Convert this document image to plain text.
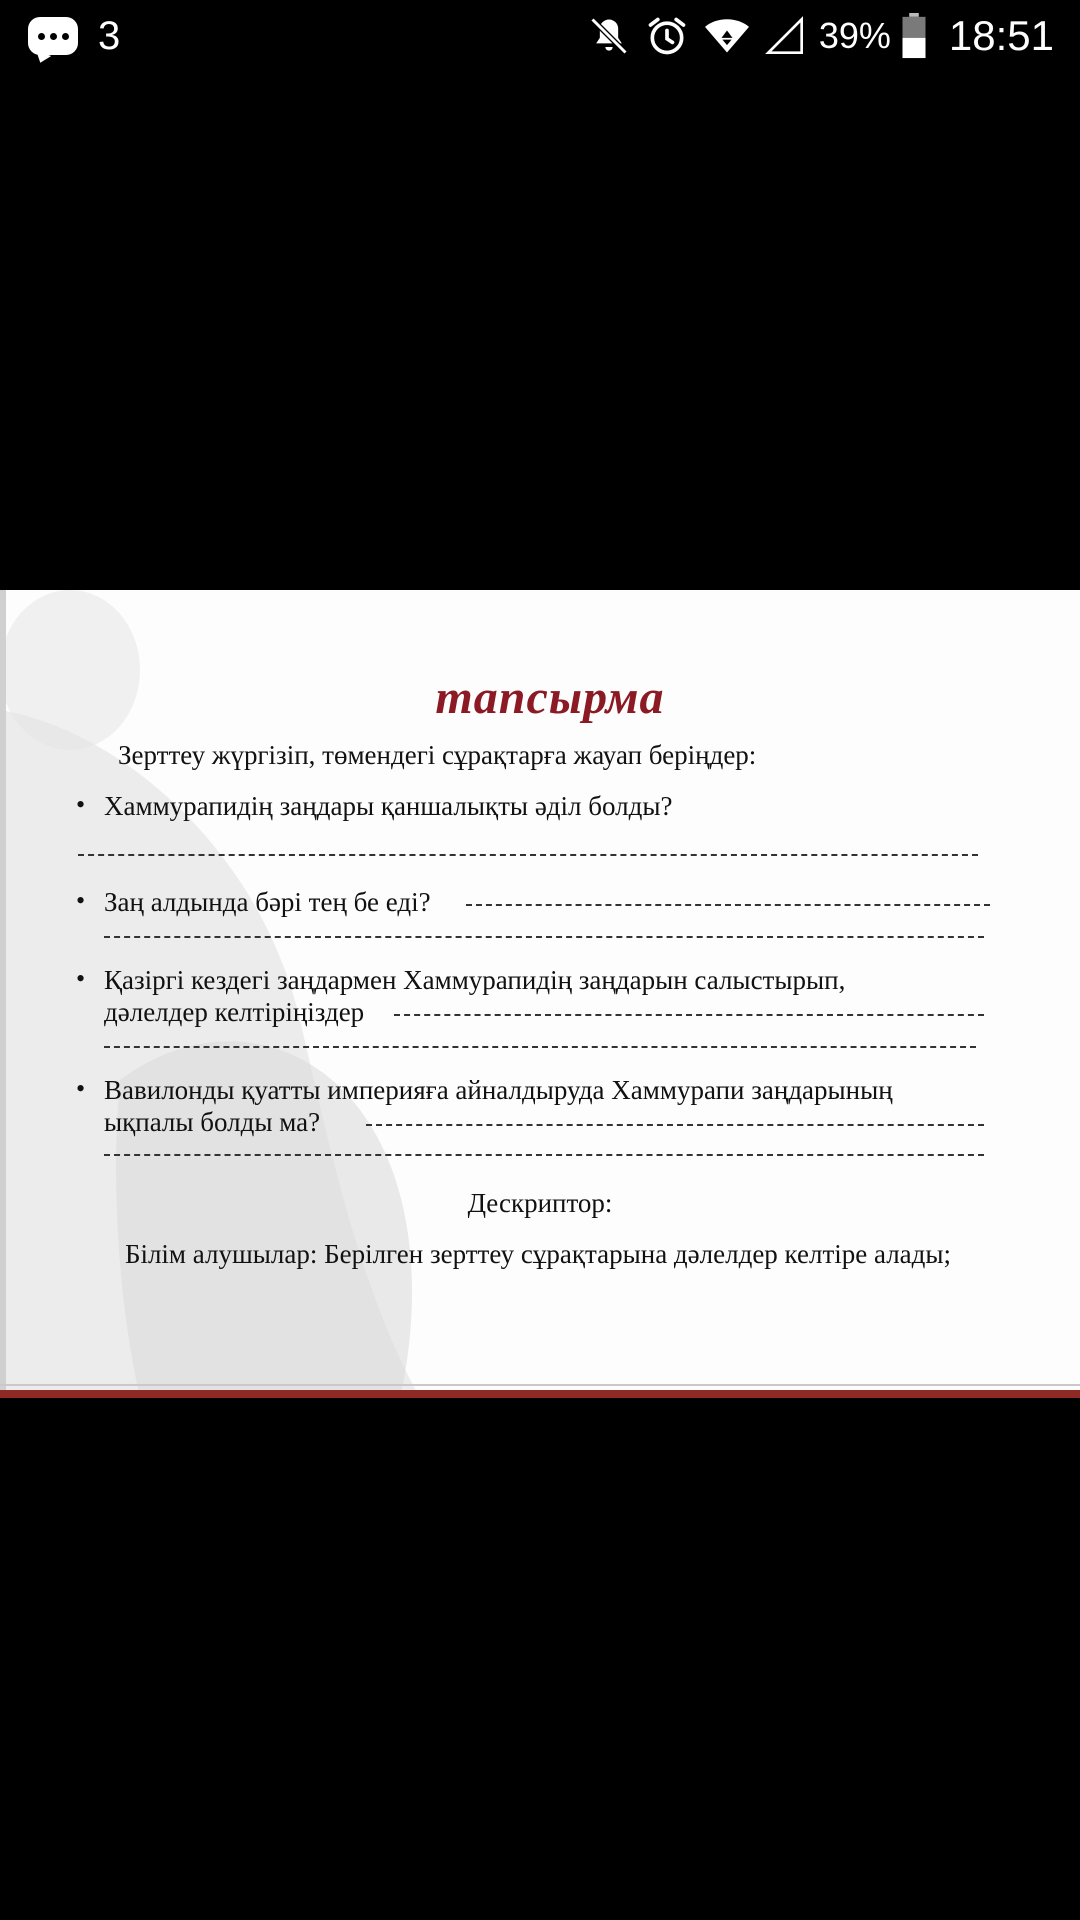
3	39% 18:51
тапсырма
Зерттеу жүргізіп, төмендегі сұрақтарға жауап беріңдер:
• Хаммурапидің заңдары қаншалықты әділ болды?
• Заң алдында бәрі тең бе еді?
• Қазіргі кездегі заңдармен Хаммурапидің заңдарын салыстырып,
дәлелдер келтіріңіздер
• Вавилонды қуатты империяға айналдыруда Хаммурапи заңдарының
ықпалы болды ма?
Дескриптор:
Білім алушылар: Берілген зерттеу сұрақтарына дәлелдер келтіре алады;
